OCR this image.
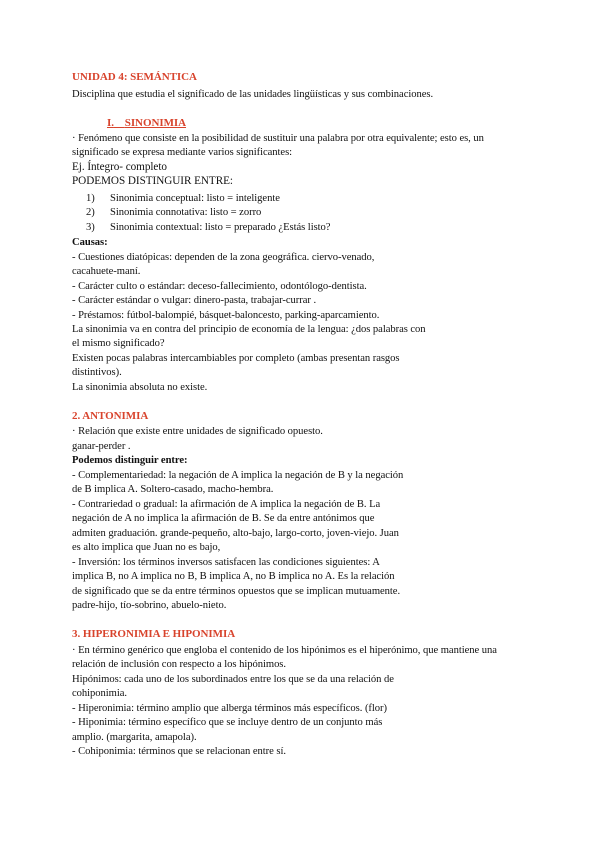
UNIDAD 4: SEMÁNTICA
Disciplina que estudia el significado de las unidades lingüísticas y sus combinaciones.
I. SINONIMIA
· Fenómeno que consiste en la posibilidad de sustituir una palabra por otra equivalente; esto es, un
significado se expresa mediante varios significantes:
Ej. Íntegro- completo
PODEMOS DISTINGUIR ENTRE:
1) Sinonimia conceptual: listo = inteligente
2) Sinonimia connotativa: listo = zorro
3) Sinonimia contextual: listo = preparado ¿Estás listo?
Causas:
- Cuestiones diatópicas: dependen de la zona geográfica. ciervo-venado,
cacahuete-maní.
- Carácter culto o estándar: deceso-fallecimiento, odontólogo-dentista.
- Carácter estándar o vulgar: dinero-pasta, trabajar-currar .
- Préstamos: fútbol-balompié, básquet-baloncesto, parking-aparcamiento.
La sinonimia va en contra del principio de economía de la lengua: ¿dos palabras con
el mismo significado?
Existen pocas palabras intercambiables por completo (ambas presentan rasgos
distintivos).
La sinonimia absoluta no existe.
2. ANTONIMIA
· Relación que existe entre unidades de significado opuesto.
ganar-perder .
Podemos distinguir entre:
- Complementariedad: la negación de A implica la negación de B y la negación
de B implica A. Soltero-casado, macho-hembra.
- Contrariedad o gradual: la afirmación de A implica la negación de B. La
negación de A no implica la afirmación de B. Se da entre antónimos que
admiten graduación. grande-pequeño, alto-bajo, largo-corto, joven-viejo. Juan
es alto implica que Juan no es bajo,
- Inversión: los términos inversos satisfacen las condiciones siguientes: A
implica B, no A implica no B, B implica A, no B implica no A. Es la relación
de significado que se da entre términos opuestos que se implican mutuamente.
padre-hijo, tío-sobrino, abuelo-nieto.
3. HIPERONIMIA E HIPONIMIA
· En término genérico que engloba el contenido de los hipónimos es el hiperónimo, que mantiene una
relación de inclusión con respecto a los hipónimos.
Hipónimos: cada uno de los subordinados entre los que se da una relación de
cohiponimia.
- Hiperonimia: término amplio que alberga términos más específicos. (flor)
- Hiponimia: término específico que se incluye dentro de un conjunto más
amplio. (margarita, amapola).
- Cohiponimia: términos que se relacionan entre sí.
